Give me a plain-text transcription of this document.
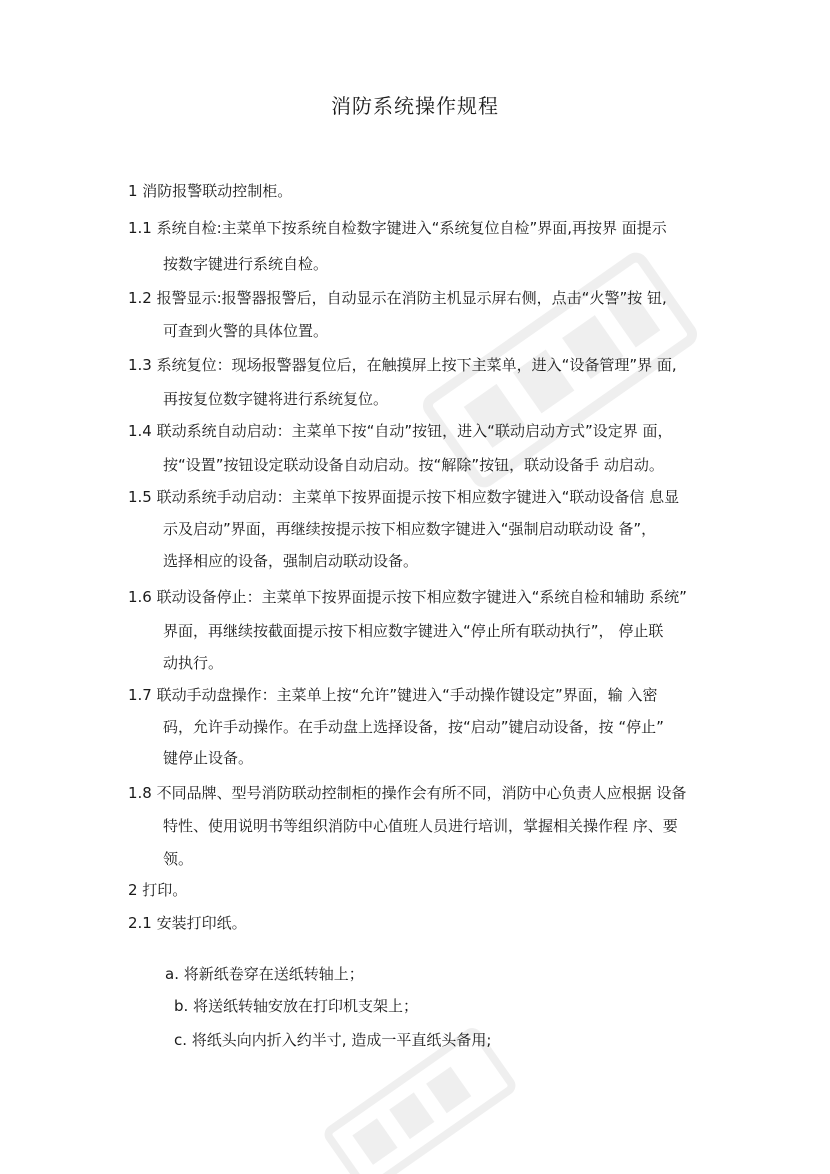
消防系统操作规程
1 消防报警联动控制柜。
1.1 系统自检:主菜单下按系统自检数字键进入“系统复位自检”界面,再按界 面提示
按数字键进行系统自检。
1.2 报警显示:报警器报警后，自动显示在消防主机显示屏右侧，点击“火警”按 钮,
可查到火警的具体位置。
1.3 系统复位：现场报警器复位后，在触摸屏上按下主菜单，进入“设备管理”界 面,
再按复位数字键将进行系统复位。
1.4 联动系统自动启动：主菜单下按“自动”按钮，进入“联动启动方式”设定界 面，
按“设置”按钮设定联动设备自动启动。按“解除”按钮，联动设备手 动启动。
1.5 联动系统手动启动：主菜单下按界面提示按下相应数字键进入“联动设备信 息显
示及启动”界面，再继续按提示按下相应数字键进入“强制启动联动设 备”，
选择相应的设备，强制启动联动设备。
1.6 联动设备停止：主菜单下按界面提示按下相应数字键进入“系统自检和辅助 系统”
界面，再继续按截面提示按下相应数字键进入“停止所有联动执行”， 停止联
动执行。
1.7 联动手动盘操作：主菜单上按“允许”键进入“手动操作键设定”界面，输 入密
码，允许手动操作。在手动盘上选择设备，按“启动”键启动设备，按 “停止”
键停止设备。
1.8 不同品牌、型号消防联动控制柜的操作会有所不同，消防中心负责人应根据 设备
特性、使用说明书等组织消防中心值班人员进行培训，掌握相关操作程 序、要
领。
2 打印。
2.1 安装打印纸。
a. 将新纸卷穿在送纸转轴上；
b. 将送纸转轴安放在打印机支架上；
c. 将纸头向内折入约半寸, 造成一平直纸头备用;
